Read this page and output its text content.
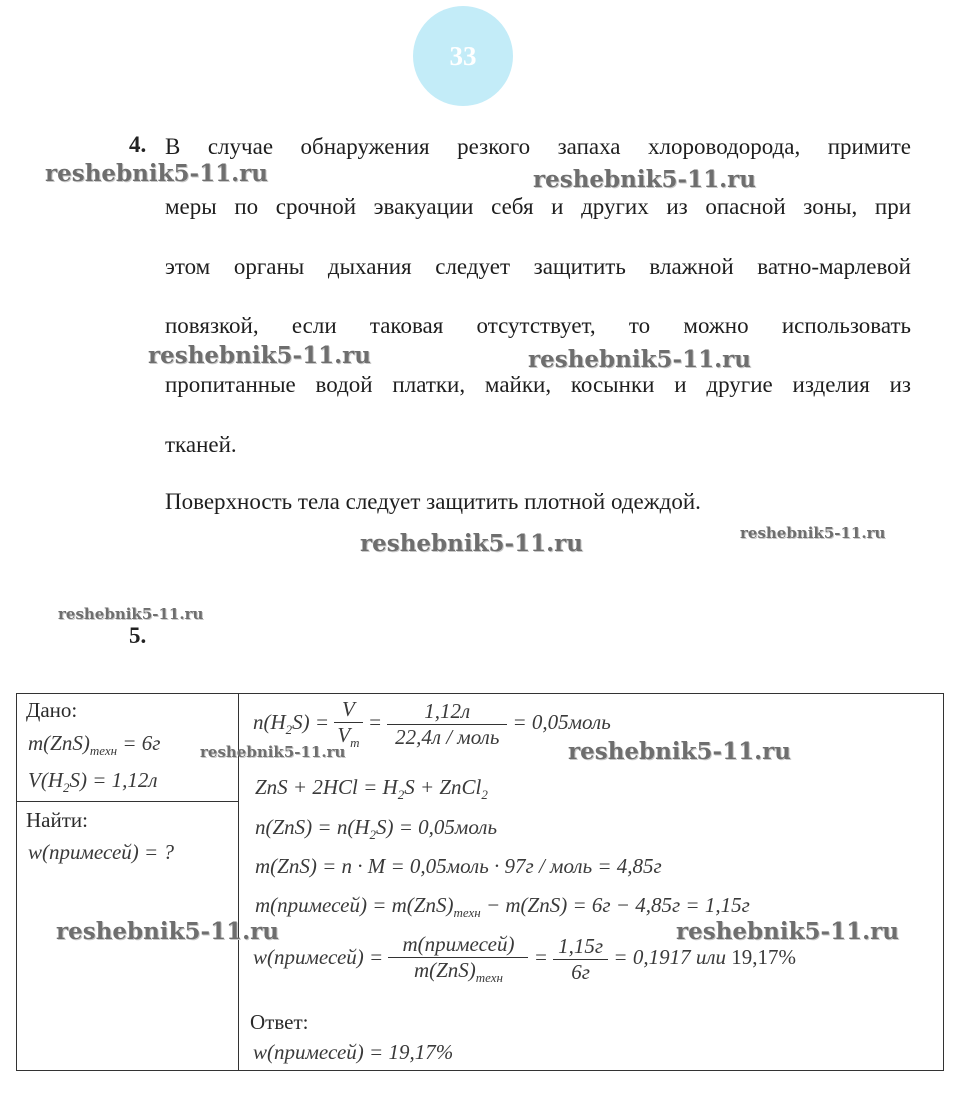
33
4. В случае обнаружения резкого запаха хлороводорода, примите
меры по срочной эвакуации себя и других из опасной зоны, при
этом органы дыхания следует защитить влажной ватно-марлевой
повязкой, если таковая отсутствует, то можно использовать
пропитанные водой платки, майки, косынки и другие изделия из
тканей.
Поверхность тела следует защитить плотной одеждой.
5.
Дано:
$m(ZnS)_{техн} = 6г$
$V(H_2S) = 1,12л$
Найти:
w(примесей) = ?
$n(H_2S) = \frac{V}{V_m} = \frac{1,12л}{\text{22,4л / моль}}$ = 0,05моль
ZnS + $2HCl = H_2S$ + ZnCl$_2$
$n(ZnS) = n(H_2S)$ = 0,05моль
m(ZnS) = n · M = 0,05моль · 97г / моль = 4,85г
m(примесей) = $m(ZnS)_{техн} - m(ZnS) = 6г - 4,85г = 1,15г$
w(примесей) = $\frac{\text{m(примесей)}}{m(ZnS)_{техн}} = \frac{1,15г}{6г} = 0,1917$ или 19,17%
Ответ:
w(примесей) = 19,17%
reshebnik5-11.ru	reshebnik5-11.ru
reshebnik5-11.ru	reshebnik5-11.ru
reshebnik5-11.ru	reshebnik5-11.ru
reshebnik5-11.ru
reshebnik5-11.ru	reshebnik5-11.ru
reshebnik5-11.ru	reshebnik5-11.ru
